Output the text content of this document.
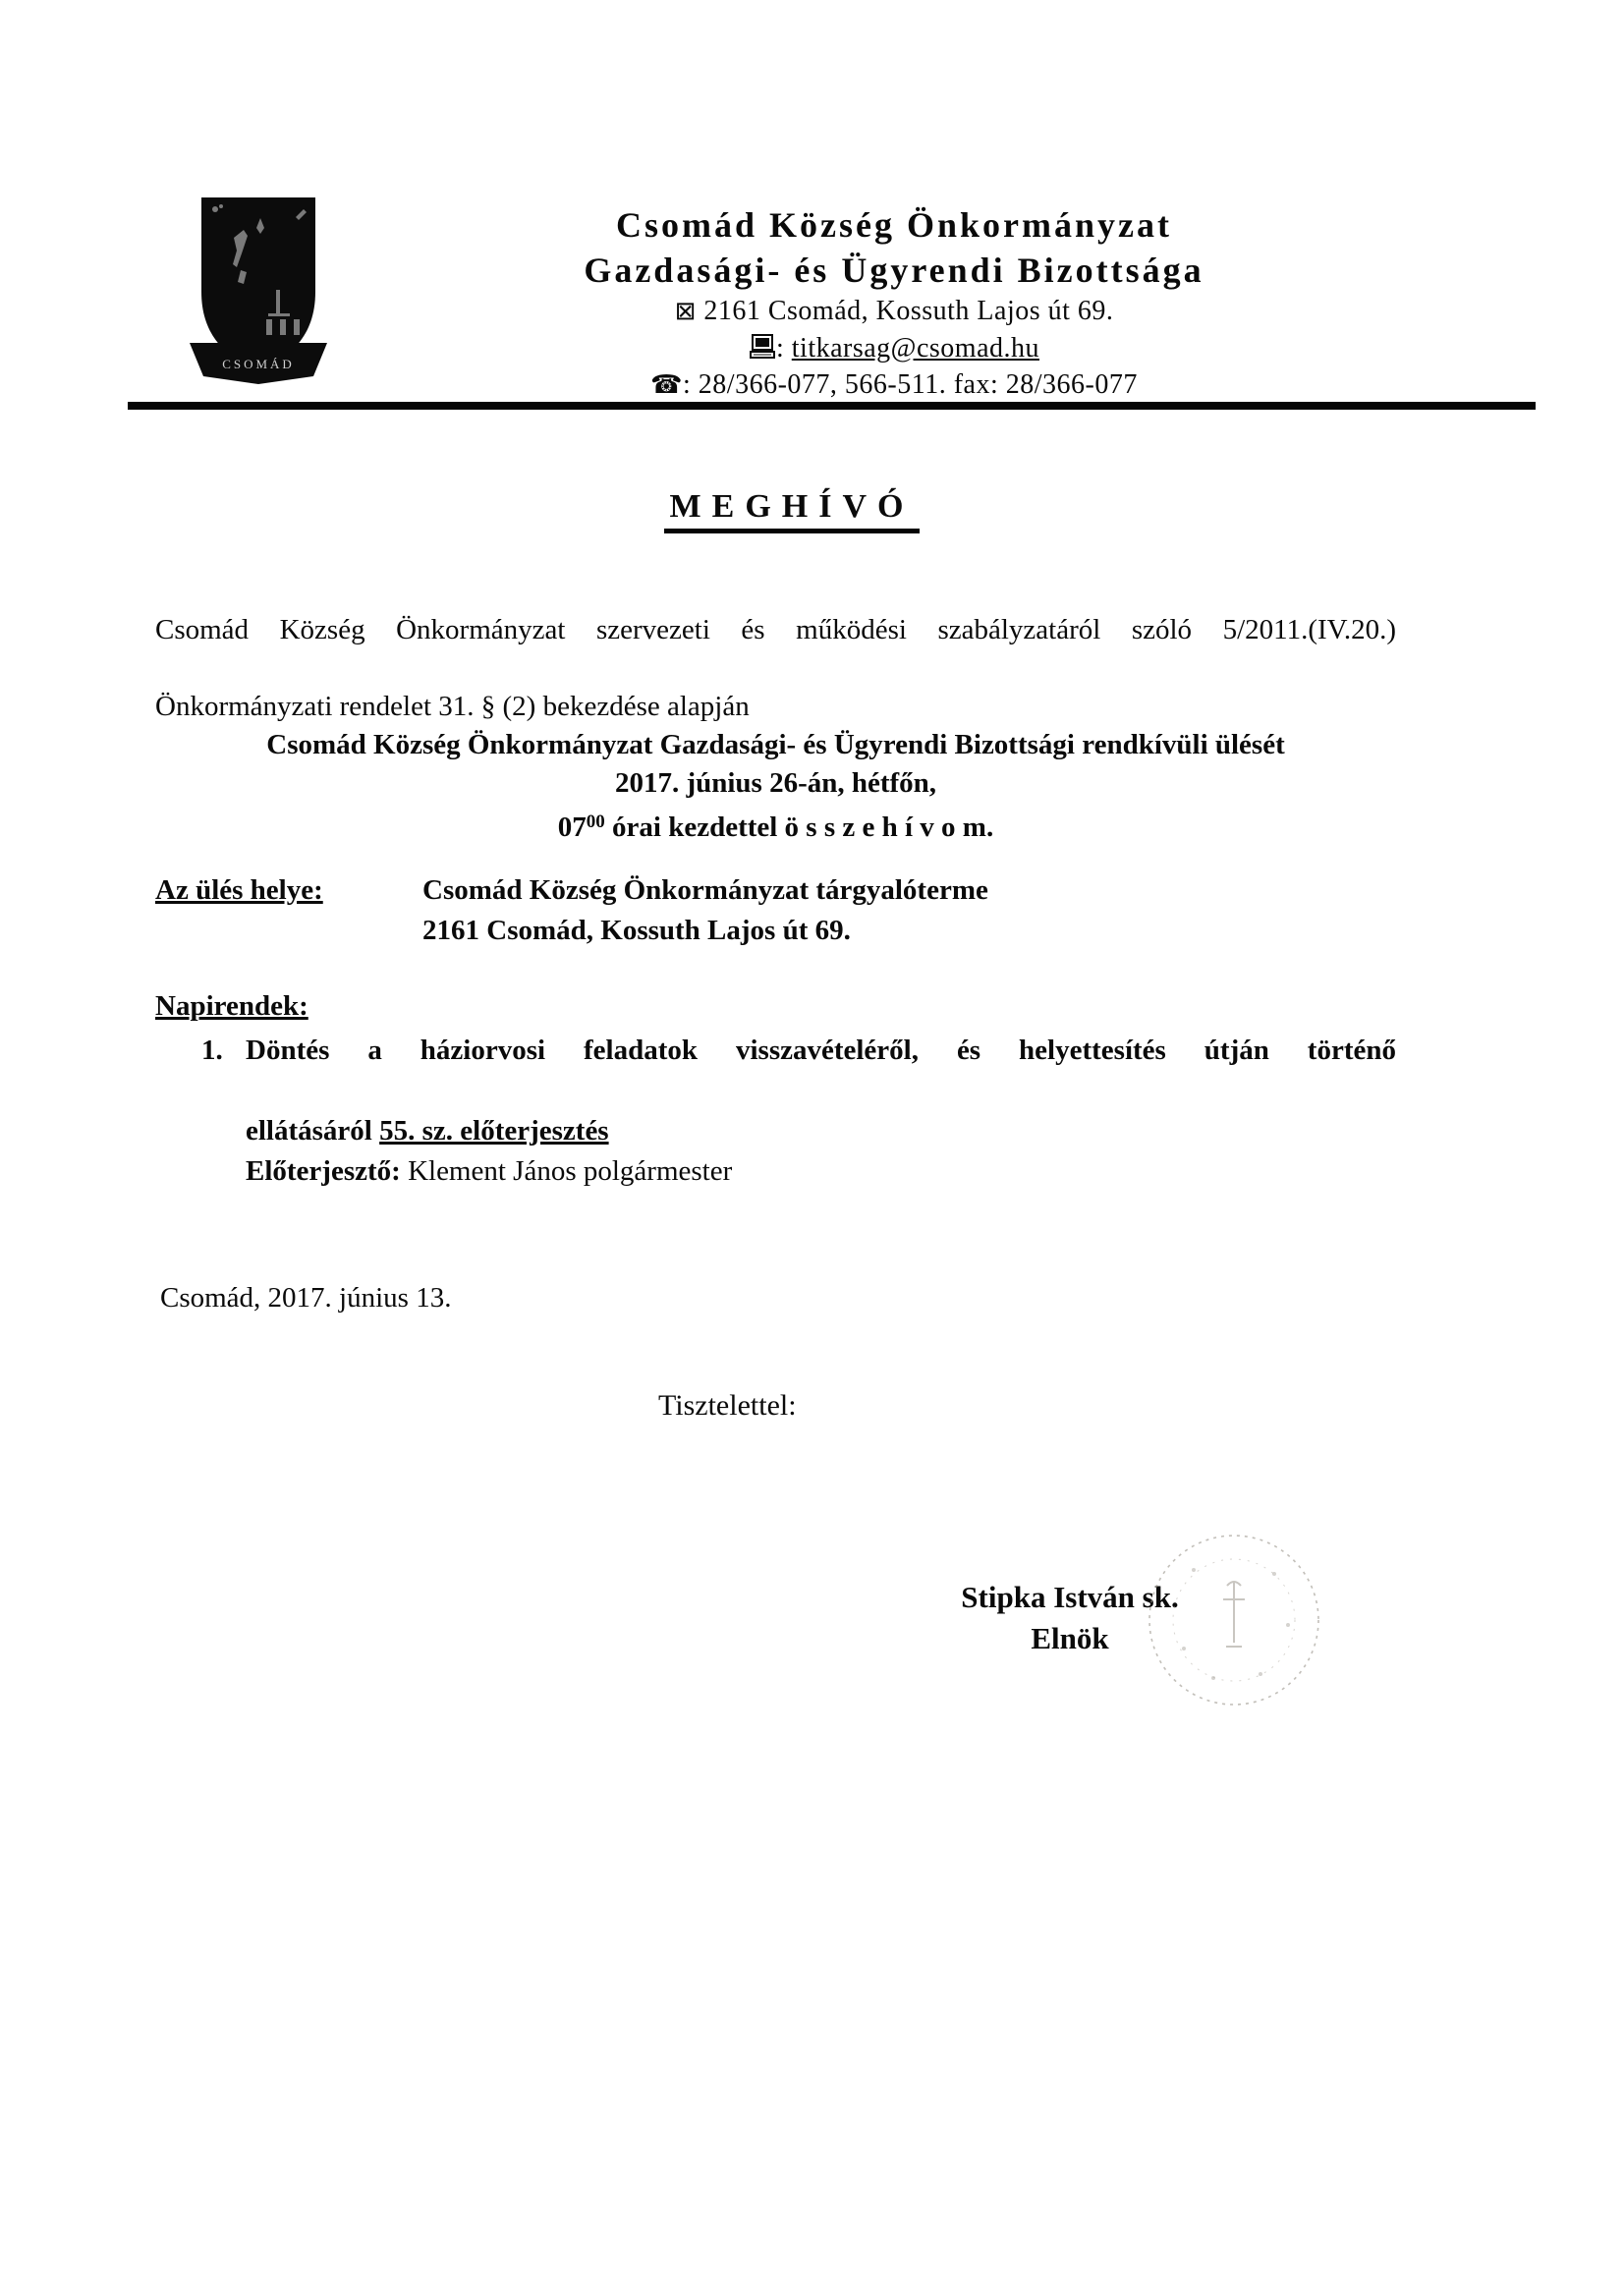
CSOMÁD
Csomád Község Önkormányzat
Gazdasági- és Ügyrendi Bizottsága
⊠ 2161 Csomád, Kossuth Lajos út 69.
: titkarsag@csomad.hu
☎: 28/366-077, 566-511. fax: 28/366-077
MEGHÍVÓ
Csomád Község Önkormányzat szervezeti és működési szabályzatáról szóló 5/2011.(IV.20.)
Önkormányzati rendelet 31. § (2) bekezdése alapján
Csomád Község Önkormányzat Gazdasági- és Ügyrendi Bizottsági rendkívüli ülését
2017. június 26-án, hétfőn,
$07^{00}$ órai kezdettel ö s s z e h í v o m.
Az ülés helye:	Csomád Község Önkormányzat tárgyalóterme
2161 Csomád, Kossuth Lajos út 69.
Napirendek:
1. Döntés a háziorvosi feladatok visszavételéről, és helyettesítés útján történő
ellátásáról 55. sz. előterjesztés
Előterjesztő: Klement János polgármester
Csomád, 2017. június 13.
Tisztelettel:
Stipka István sk.
Elnök
